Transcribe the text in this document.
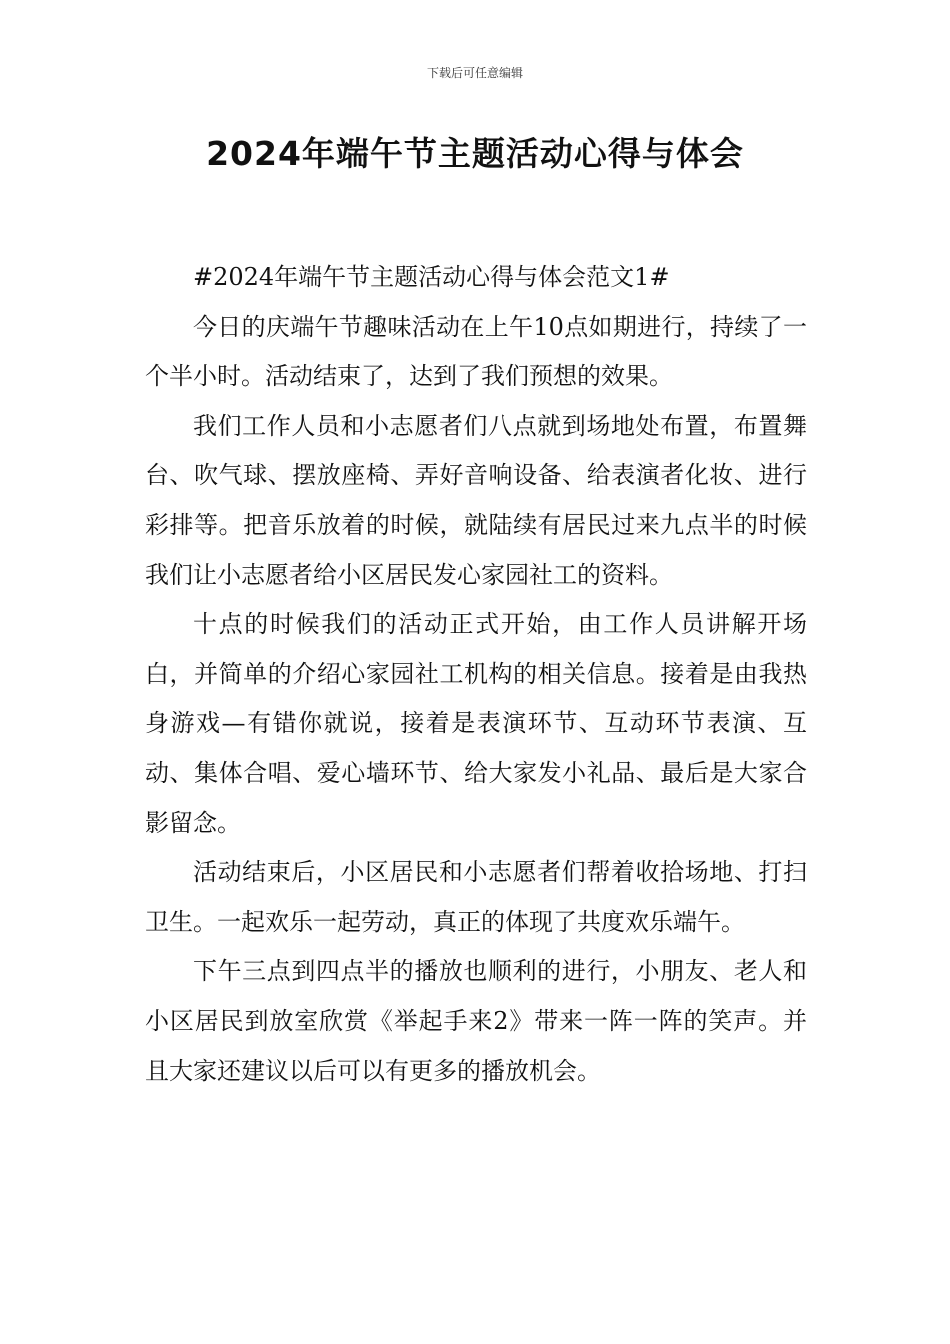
下载后可任意编辑
2024年端午节主题活动心得与体会

#2024年端午节主题活动心得与体会范文1#

今日的庆端午节趣味活动在上午10点如期进行，持续了一个半小时。活动结束了，达到了我们预想的效果。

我们工作人员和小志愿者们八点就到场地处布置，布置舞台、吹气球、摆放座椅、弄好音响设备、给表演者化妆、进行彩排等。把音乐放着的时候，就陆续有居民过来九点半的时候我们让小志愿者给小区居民发心家园社工的资料。

十点的时候我们的活动正式开始，由工作人员讲解开场白，并简单的介绍心家园社工机构的相关信息。接着是由我热身游戏—有错你就说，接着是表演环节、互动环节表演、互动、集体合唱、爱心墙环节、给大家发小礼品、最后是大家合影留念。

活动结束后，小区居民和小志愿者们帮着收拾场地、打扫卫生。一起欢乐一起劳动，真正的体现了共度欢乐端午。

下午三点到四点半的播放也顺利的进行，小朋友、老人和小区居民到放室欣赏《举起手来2》带来一阵一阵的笑声。并且大家还建议以后可以有更多的播放机会。
